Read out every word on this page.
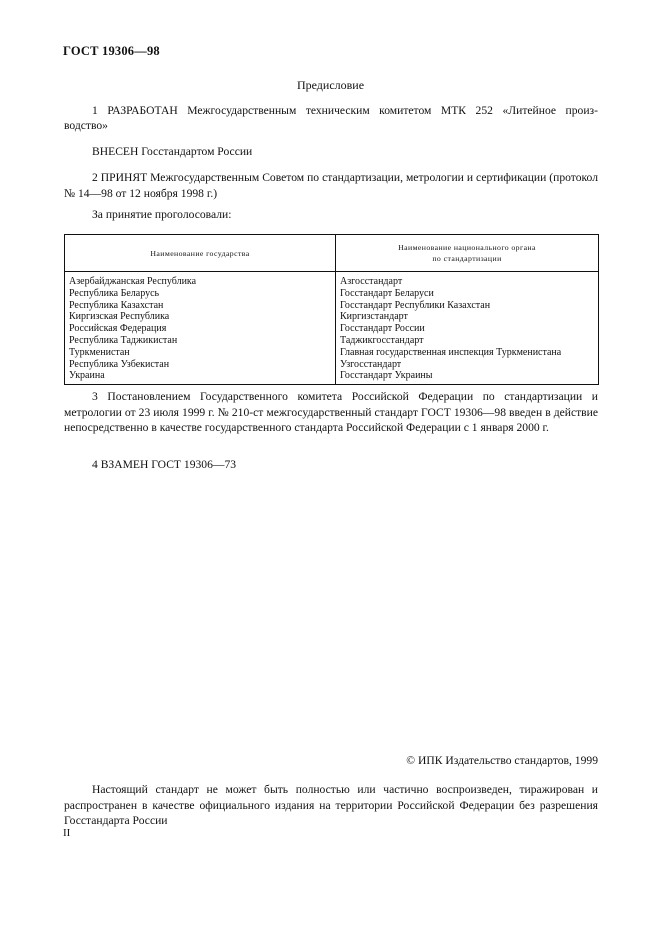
ГОСТ 19306—98
Предисловие

1 РАЗРАБОТАН Межгосударственным техническим комитетом МТК 252 «Литейное произ-

водство»

ВНЕСЕН Госстандартом России

2 ПРИНЯТ Межгосударственным Советом по стандартизации, метрологии и сертификации (протокол № 14—98 от 12 ноября 1998 г.)

За принятие проголосовали:

Наименование государства	Наименование национального органа
по стандартизации
Азербайджанская Республика	Азгосстандарт
Республика Беларусь	Госстандарт Беларуси
Республика Казахстан	Госстандарт Республики Казахстан
Киргизская Республика	Киргизстандарт
Российская Федерация	Госстандарт России
Республика Таджикистан	Таджикгосстандарт
Туркменистан	Главная государственная инспекция Туркменистана
Республика Узбекистан	Узгосстандарт
Украина	Госстандарт Украины

3 Постановлением Государственного комитета Российской Федерации по стандартизации и метрологии от 23 июля 1999 г. № 210-ст межгосударственный стандарт ГОСТ 19306—98 введен в действие непосредственно в качестве государственного стандарта Российской Федерации с 1 января 2000 г.

4 ВЗАМЕН ГОСТ 19306—73

© ИПК Издательство стандартов, 1999

Настоящий стандарт не может быть полностью или частично воспроизведен, тиражирован и распространен в качестве официального издания на территории Российской Федерации без разрешения Госстандарта России

II
